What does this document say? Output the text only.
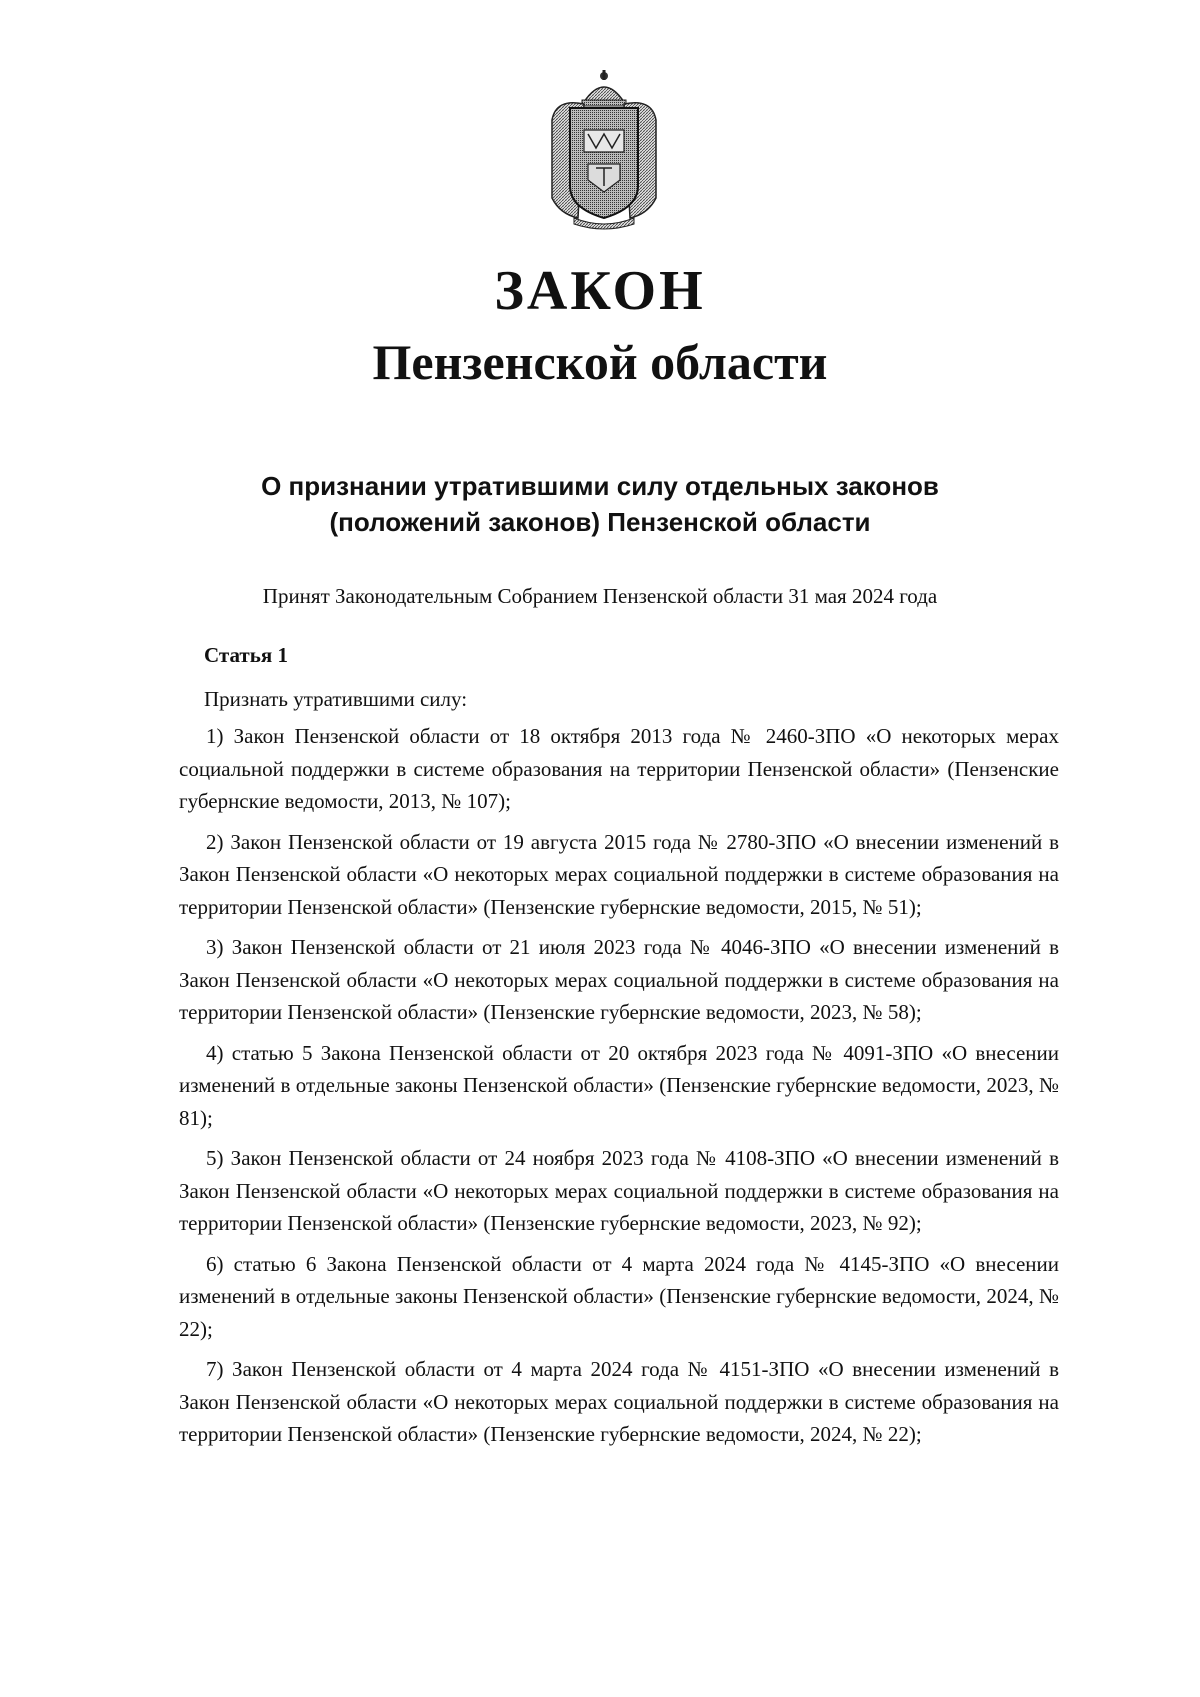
ЗАКОН
Пензенской области
О признании утратившими силу отдельных законов
(положений законов) Пензенской области
Принят Законодательным Собранием Пензенской области 31 мая 2024 года
Статья 1
Признать утратившими силу:

1) Закон Пензенской области от 18 октября 2013 года № 2460-ЗПО «О некоторых мерах социальной поддержки в системе образования на территории Пензенской области» (Пензенские губернские ведомости, 2013, № 107);

2) Закон Пензенской области от 19 августа 2015 года № 2780-ЗПО «О внесении изменений в Закон Пензенской области «О некоторых мерах социальной поддержки в системе образования на территории Пензенской области» (Пензенские губернские ведомости, 2015, № 51);

3) Закон Пензенской области от 21 июля 2023 года № 4046-ЗПО «О внесении изменений в Закон Пензенской области «О некоторых мерах социальной поддержки в системе образования на территории Пензенской области» (Пензенские губернские ведомости, 2023, № 58);

4) статью 5 Закона Пензенской области от 20 октября 2023 года № 4091-ЗПО «О внесении изменений в отдельные законы Пензенской области» (Пензенские губернские ведомости, 2023, № 81);

5) Закон Пензенской области от 24 ноября 2023 года № 4108-ЗПО «О внесении изменений в Закон Пензенской области «О некоторых мерах социальной поддержки в системе образования на территории Пензенской области» (Пензенские губернские ведомости, 2023, № 92);

6) статью 6 Закона Пензенской области от 4 марта 2024 года № 4145-ЗПО «О внесении изменений в отдельные законы Пензенской области» (Пензенские губернские ведомости, 2024, № 22);

7) Закон Пензенской области от 4 марта 2024 года № 4151-ЗПО «О внесении изменений в Закон Пензенской области «О некоторых мерах социальной поддержки в системе образования на территории Пензенской области» (Пензенские губернские ведомости, 2024, № 22);
